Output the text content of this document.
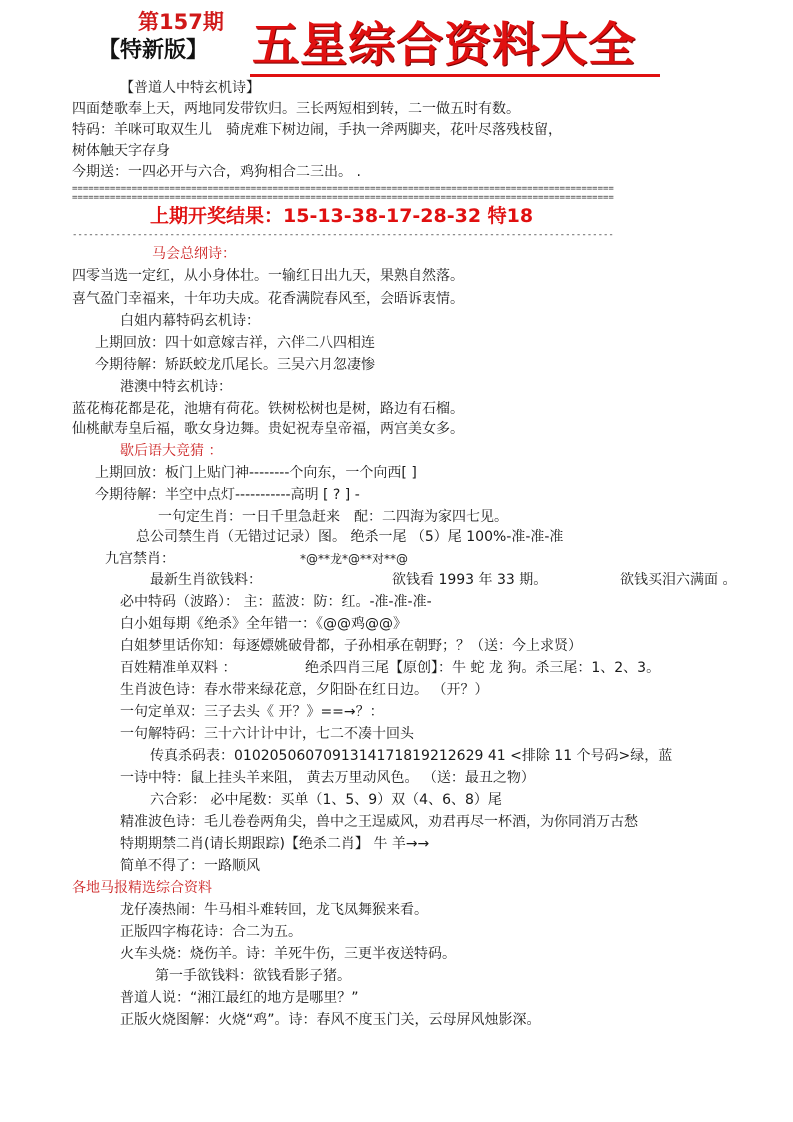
第157期
【特新版】 五星综合资料大全
【普道人中特玄机诗】
四面楚歌奉上天，两地同发带钦归。三长两短相到转，二一做五时有数。
特码：羊咪可取双生儿　骑虎难下树边闹，手执一斧两脚夹，花叶尽落残枝留，
树体触天字存身
今期送：一四必开与六合，鸡狗相合二三出。 .
====================================================================================================
====================================================================================================
上期开奖结果：15-13-38-17-28-32 特18
----------------------------------------------------------------------------------------------------
马会总纲诗：
四零当选一定红，从小身体壮。一输红日出九天，果熟自然落。
喜气盈门幸福来，十年功夫成。花香满院春风至，会晤诉衷情。
白姐内幕特码玄机诗：
上期回放：四十如意嫁吉祥，六伴二八四相连
今期待解：矫跃蛟龙爪尾长。三吴六月忽凄惨
港澳中特玄机诗：
蓝花梅花都是花，池塘有荷花。铁树松树也是树，路边有石榴。
仙桃献寿皇后福，歌女身边舞。贵妃祝寿皇帝福，两宫美女多。
歇后语大竞猜 ：
上期回放：板门上贴门神--------个向东，一个向西[ ]
今期待解：半空中点灯-----------高明 [ ? ] -
一句定生肖：一日千里急赶来　配：二四海为家四七见。
总公司禁生肖（无错过记录）图。 绝杀一尾 （5）尾 100%-准-准-准
九宫禁肖：	*@**龙*@**对**@
最新生肖欲钱料：	欲钱看 1993 年 33 期。	欲钱买泪六满面 。
必中特码（波路）： 主：蓝波：防：红。-准-准-准-
白小姐每期《绝杀》全年错一：《@@鸡@@》
白姐梦里话你知：每逐嫖姚破骨都，子孙相承在朝野；？（送：今上求贤）
百姓精准单双料 ：	绝杀四肖三尾【原创】：牛 蛇 龙 狗。杀三尾：1、2、3。
生肖波色诗：春水带来绿花意，夕阳卧在红日边。 （开？）
一句定单双：三子去头《 开？》==→？：
一句解特码：三十六计计中计，七二不凑十回头
传真杀码表：0102050607091314171819212629 41 <排除 11 个号码>绿，蓝
一诗中特：鼠上挂头羊来阻， 黄去万里动风色。 （送：最丑之物）
六合彩： 必中尾数：买单（1、5、9）双（4、6、8）尾
精准波色诗：毛儿卷卷两角尖，兽中之王逞威风，劝君再尽一杯酒，为你同消万古愁
特期期禁二肖(请长期跟踪)【绝杀二肖】 牛 羊→→
简单不得了：一路顺风
各地马报精选综合资料
龙仔凑热闹：牛马相斗难转回，龙飞凤舞猴来看。
正版四字梅花诗：合二为五。
火车头烧：烧伤羊。诗：羊死牛伤，三更半夜送特码。
第一手欲钱料：欲钱看影子猪。
普道人说：“湘江最红的地方是哪里？”
正版火烧图解：火烧“鸡”。诗：春风不度玉门关，云母屏风烛影深。
